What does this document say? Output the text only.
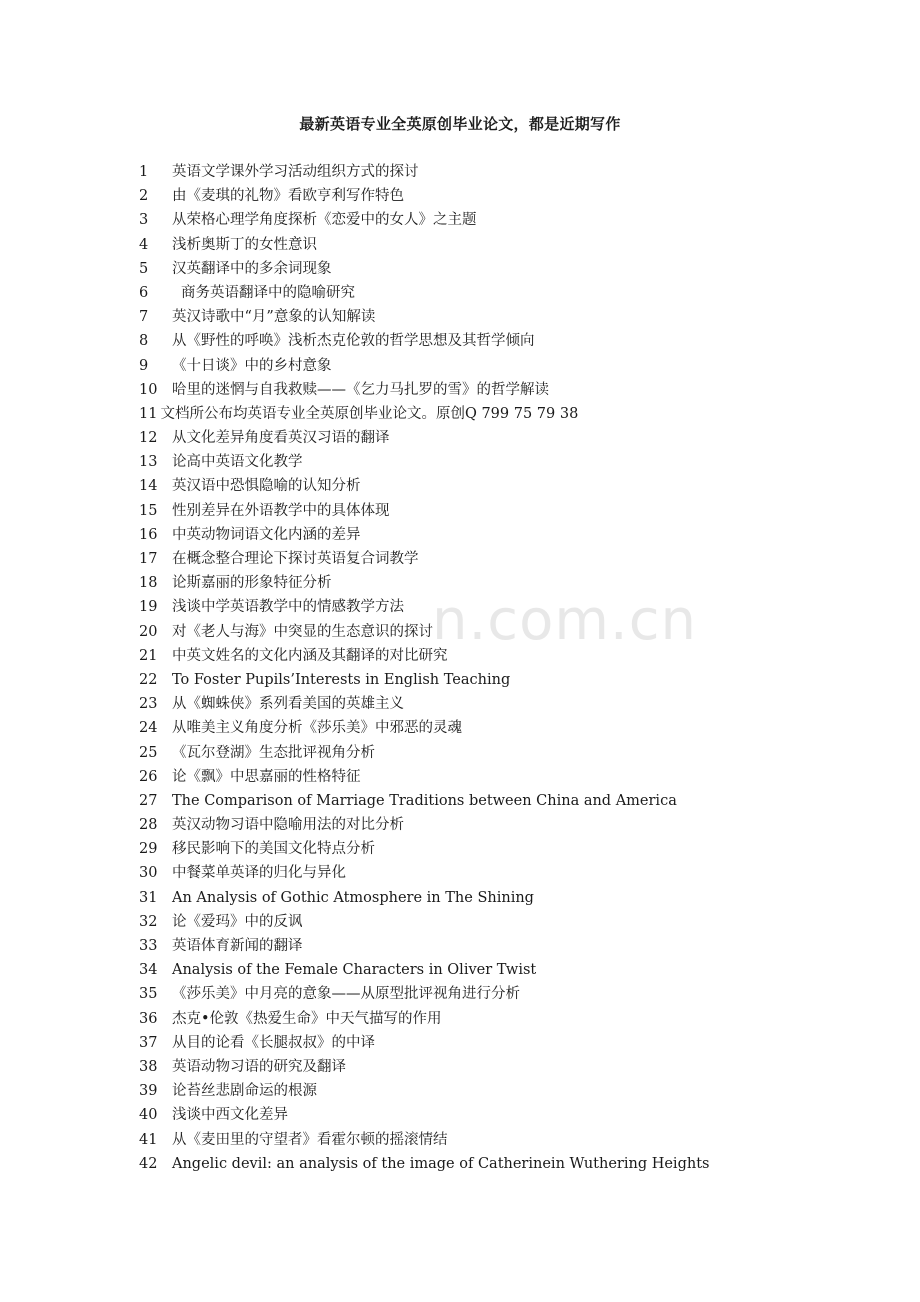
n.com.cn
最新英语专业全英原创毕业论文，都是近期写作
1 英语文学课外学习活动组织方式的探讨
2 由《麦琪的礼物》看欧亨利写作特色
3 从荣格心理学角度探析《恋爱中的女人》之主题
4 浅析奥斯丁的女性意识
5 汉英翻译中的多余词现象
6 商务英语翻译中的隐喻研究
7 英汉诗歌中“月”意象的认知解读
8 从《野性的呼唤》浅析杰克伦敦的哲学思想及其哲学倾向
9 《十日谈》中的乡村意象
10 哈里的迷惘与自我救赎——《乞力马扎罗的雪》的哲学解读
11 文档所公布均英语专业全英原创毕业论文。原创Q 799 75 79 38
12 从文化差异角度看英汉习语的翻译
13 论高中英语文化教学
14 英汉语中恐惧隐喻的认知分析
15 性别差异在外语教学中的具体体现
16 中英动物词语文化内涵的差异
17 在概念整合理论下探讨英语复合词教学
18 论斯嘉丽的形象特征分析
19 浅谈中学英语教学中的情感教学方法
20 对《老人与海》中突显的生态意识的探讨
21 中英文姓名的文化内涵及其翻译的对比研究
22 To Foster Pupils’Interests in English Teaching
23 从《蜘蛛侠》系列看美国的英雄主义
24 从唯美主义角度分析《莎乐美》中邪恶的灵魂
25 《瓦尔登湖》生态批评视角分析
26 论《飘》中思嘉丽的性格特征
27 The Comparison of Marriage Traditions between China and America
28 英汉动物习语中隐喻用法的对比分析
29 移民影响下的美国文化特点分析
30 中餐菜单英译的归化与异化
31 An Analysis of Gothic Atmosphere in The Shining
32 论《爱玛》中的反讽
33 英语体育新闻的翻译
34 Analysis of the Female Characters in Oliver Twist
35 《莎乐美》中月亮的意象——从原型批评视角进行分析
36 杰克•伦敦《热爱生命》中天气描写的作用
37 从目的论看《长腿叔叔》的中译
38 英语动物习语的研究及翻译
39 论苔丝悲剧命运的根源
40 浅谈中西文化差异
41 从《麦田里的守望者》看霍尔顿的摇滚情结
42 Angelic devil: an analysis of the image of Catherinein Wuthering Heights
